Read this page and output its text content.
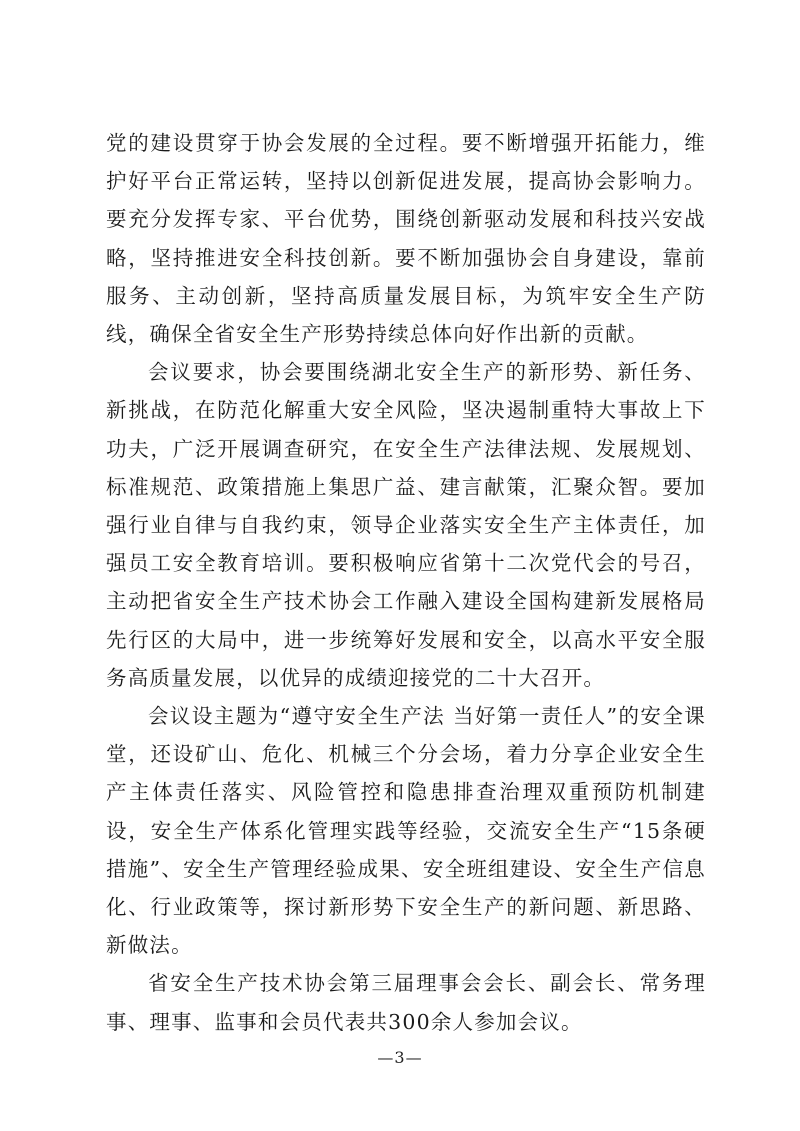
党的建设贯穿于协会发展的全过程。要不断增强开拓能力，维护好平台正常运转，坚持以创新促进发展，提高协会影响力。要充分发挥专家、平台优势，围绕创新驱动发展和科技兴安战略，坚持推进安全科技创新。要不断加强协会自身建设，靠前服务、主动创新，坚持高质量发展目标，为筑牢安全生产防线，确保全省安全生产形势持续总体向好作出新的贡献。

会议要求，协会要围绕湖北安全生产的新形势、新任务、新挑战，在防范化解重大安全风险，坚决遏制重特大事故上下功夫，广泛开展调查研究，在安全生产法律法规、发展规划、标准规范、政策措施上集思广益、建言献策，汇聚众智。要加强行业自律与自我约束，领导企业落实安全生产主体责任，加强员工安全教育培训。要积极响应省第十二次党代会的号召，主动把省安全生产技术协会工作融入建设全国构建新发展格局先行区的大局中，进一步统筹好发展和安全，以高水平安全服务高质量发展，以优异的成绩迎接党的二十大召开。

会议设主题为“遵守安全生产法 当好第一责任人”的安全课堂，还设矿山、危化、机械三个分会场，着力分享企业安全生产主体责任落实、风险管控和隐患排查治理双重预防机制建设，安全生产体系化管理实践等经验，交流安全生产“15条硬措施”、安全生产管理经验成果、安全班组建设、安全生产信息化、行业政策等，探讨新形势下安全生产的新问题、新思路、新做法。

省安全生产技术协会第三届理事会会长、副会长、常务理事、理事、监事和会员代表共300余人参加会议。

—3—
